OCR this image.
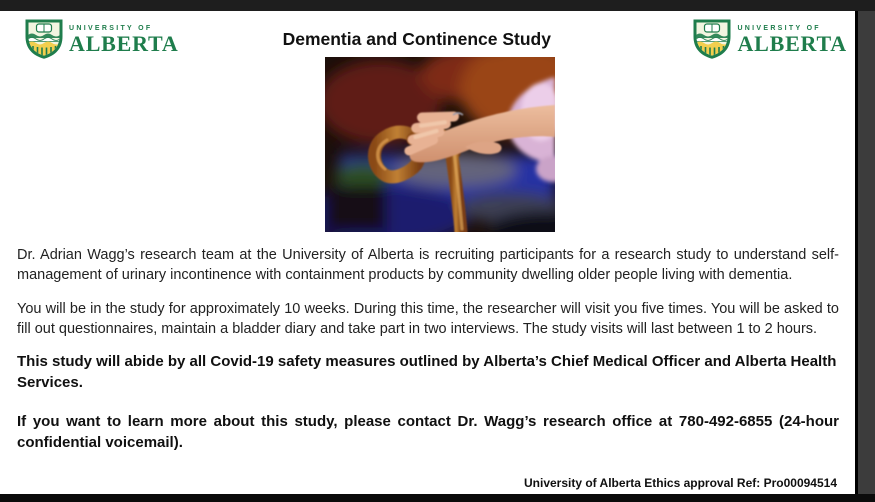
UNIVERSITY OF
ALBERTA	Dementia and Continence Study
UNIVERSITY OF
ALBERTA

Dr. Adrian Wagg’s research team at the University of Alberta is recruiting participants for a research study to understand self-management of urinary incontinence with containment products by community dwelling older people living with dementia.

You will be in the study for approximately 10 weeks. During this time, the researcher will visit you five times. You will be asked to fill out questionnaires, maintain a bladder diary and take part in two interviews. The study visits will last between 1 to 2 hours.

This study will abide by all Covid-19 safety measures outlined by Alberta’s Chief Medical Officer and Alberta Health Services.

If you want to learn more about this study, please contact Dr. Wagg’s research office at 780-492-6855 (24-hour confidential voicemail).

University of Alberta Ethics approval Ref: Pro00094514
